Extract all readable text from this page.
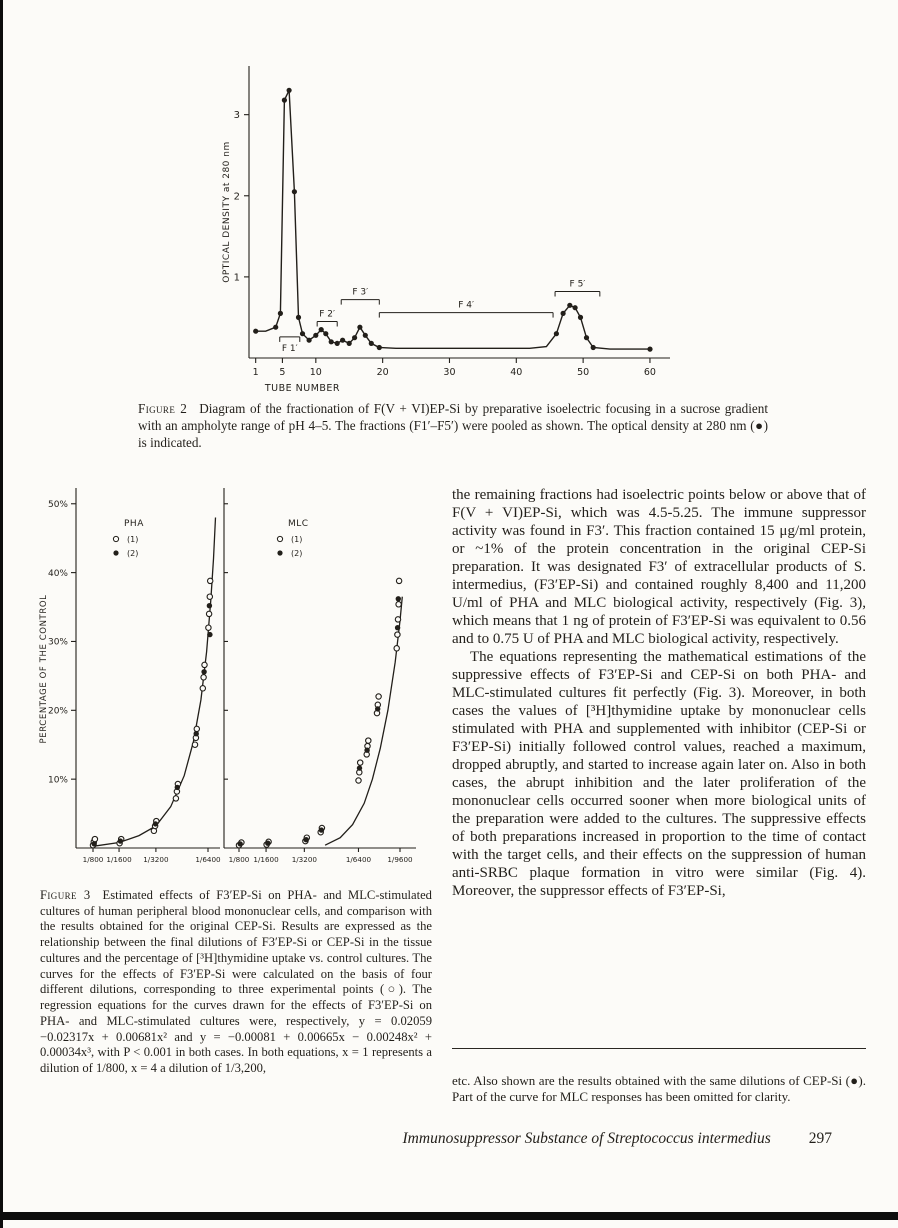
1
2
3
1 5	10	20	30	40	50	60
OPTICAL DENSITY at 280 nm
TUBE NUMBER
F 1′
F 2′
F 3′
F 4′
F 5′
Figure 2 Diagram of the fractionation of F(V + VI)EP-Si by preparative isoelectric focusing in a sucrose gradient with an ampholyte range of pH 4–5. The fractions (F1′–F5′) were pooled as shown. The optical density at 280 nm (●) is indicated.
PERCENTAGE OF THE CONTROL
10%
20%
30%
40%
50%
1/800 1/1600 1/3200	1/6400
PHA
(1)
(2)
1/800 1/1600 1/3200	1/6400 1/9600
MLC
(1)
(2)
Figure 3 Estimated effects of F3′EP-Si on PHA- and MLC-stimulated cultures of human peripheral blood mononuclear cells, and comparison with the results obtained for the original CEP-Si. Results are expressed as the relationship between the final dilutions of F3′EP-Si or CEP-Si in the tissue cultures and the percentage of [³H]thymidine uptake vs. control cultures. The curves for the effects of F3′EP-Si were calculated on the basis of four different dilutions, corresponding to three experimental points (○). The regression equations for the curves drawn for the effects of F3′EP-Si on PHA- and MLC-stimulated cultures were, respectively, y = 0.02059 −0.02317x + 0.00681x² and y = −0.00081 + 0.00665x − 0.00248x² + 0.00034x³, with P < 0.001 in both cases. In both equations, x = 1 represents a dilution of 1/800, x = 4 a dilution of 1/3,200,

the remaining fractions had isoelectric points below or above that of F(V + VI)EP-Si, which was 4.5-5.25. The immune suppressor activity was found in F3′. This fraction contained 15 μg/ml protein, or ~1% of the protein concentration in the original CEP-Si preparation. It was designated F3′ of extracellular products of S. intermedius, (F3′EP-Si) and contained roughly 8,400 and 11,200 U/ml of PHA and MLC biological activity, respectively (Fig. 3), which means that 1 ng of protein of F3′EP-Si was equivalent to 0.56 and to 0.75 U of PHA and MLC biological activity, respectively.

The equations representing the mathematical estimations of the suppressive effects of F3′EP-Si and CEP-Si on both PHA- and MLC-stimulated cultures fit perfectly (Fig. 3). Moreover, in both cases the values of [³H]thymidine uptake by mononuclear cells stimulated with PHA and supplemented with inhibitor (CEP-Si or F3′EP-Si) initially followed control values, reached a maximum, dropped abruptly, and started to increase again later on. Also in both cases, the abrupt inhibition and the later proliferation of the mononuclear cells occurred sooner when more biological units of the preparation were added to the cultures. The suppressive effects of both preparations increased in proportion to the time of contact with the target cells, and their effects on the suppression of human anti-SRBC plaque formation in vitro were similar (Fig. 4). Moreover, the suppressor effects of F3′EP-Si,

etc. Also shown are the results obtained with the same dilutions of CEP-Si (●). Part of the curve for MLC responses has been omitted for clarity.

Immunosuppressor Substance of Streptococcus intermedius 297
